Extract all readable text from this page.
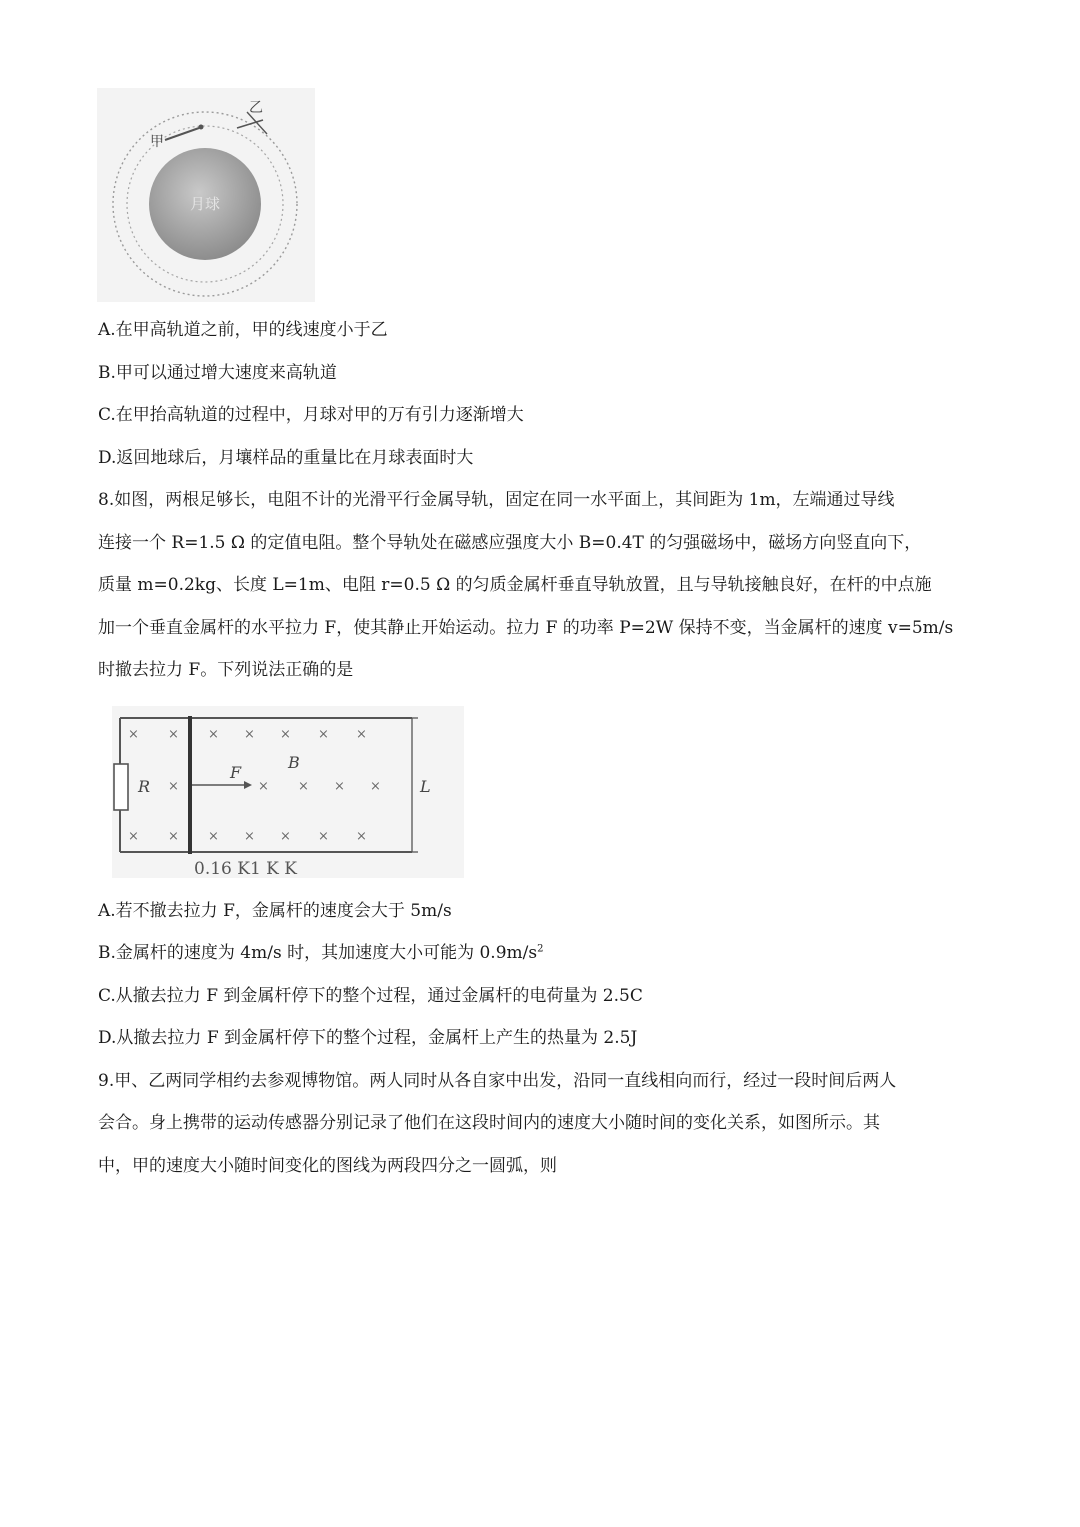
月球
甲
乙
A.在甲高轨道之前，甲的线速度小于乙
B.甲可以通过增大速度来高轨道
C.在甲抬高轨道的过程中，月球对甲的万有引力逐渐增大
D.返回地球后，月壤样品的重量比在月球表面时大
8.如图，两根足够长，电阻不计的光滑平行金属导轨，固定在同一水平面上，其间距为 1m，左端通过导线
连接一个 R=1.5 Ω 的定值电阻。整个导轨处在磁感应强度大小 B=0.4T 的匀强磁场中，磁场方向竖直向下，
质量 m=0.2kg、长度 L=1m、电阻 r=0.5 Ω 的匀质金属杆垂直导轨放置，且与导轨接触良好，在杆的中点施
加一个垂直金属杆的水平拉力 F，使其静止开始运动。拉力 F 的功率 P=2W 保持不变，当金属杆的速度 v=5m/s
时撤去拉力 F。下列说法正确的是
R
F
B
× × × × × × ×
×	× × × ×
× × × × × × ×
L
0.16 K1 K K
A.若不撤去拉力 F，金属杆的速度会大于 5m/s
B.金属杆的速度为 4m/s 时，其加速度大小可能为 $0.9m/s^2$
C.从撤去拉力 F 到金属杆停下的整个过程，通过金属杆的电荷量为 2.5C
D.从撤去拉力 F 到金属杆停下的整个过程，金属杆上产生的热量为 2.5J
9.甲、乙两同学相约去参观博物馆。两人同时从各自家中出发，沿同一直线相向而行，经过一段时间后两人
会合。身上携带的运动传感器分别记录了他们在这段时间内的速度大小随时间的变化关系，如图所示。其
中，甲的速度大小随时间变化的图线为两段四分之一圆弧，则
